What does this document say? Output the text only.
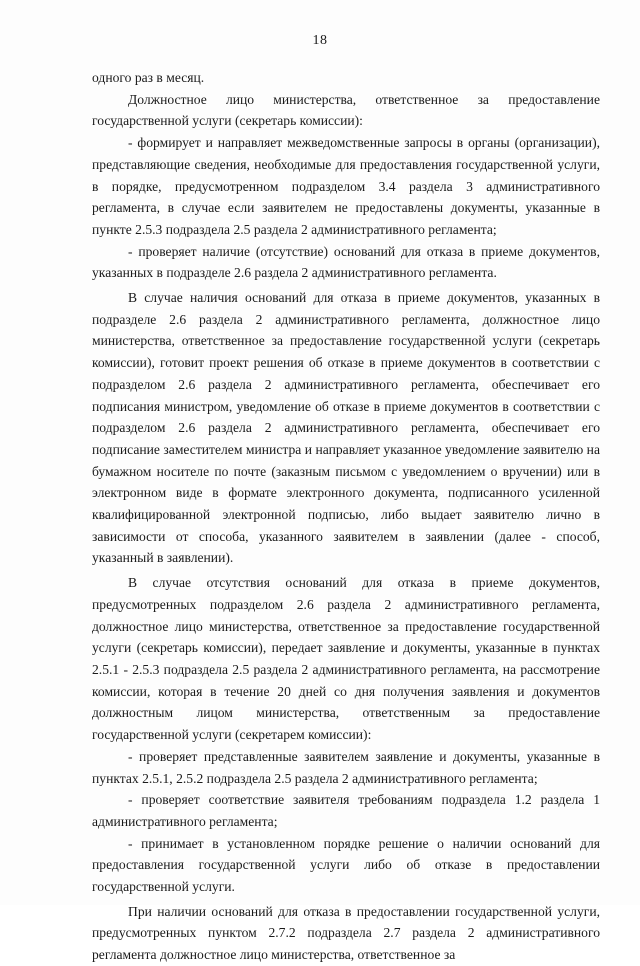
18

одного раз в месяц.

Должностное лицо министерства, ответственное за предоставление государственной услуги (секретарь комиссии):

- формирует и направляет межведомственные запросы в органы (организации), представляющие сведения, необходимые для предоставления государственной услуги, в порядке, предусмотренном подразделом 3.4 раздела 3 административного регламента, в случае если заявителем не предоставлены документы, указанные в пункте 2.5.3 подраздела 2.5 раздела 2 административного регламента;

- проверяет наличие (отсутствие) оснований для отказа в приеме документов, указанных в подразделе 2.6 раздела 2 административного регламента.

В случае наличия оснований для отказа в приеме документов, указанных в подразделе 2.6 раздела 2 административного регламента, должностное лицо министерства, ответственное за предоставление государственной услуги (секретарь комиссии), готовит проект решения об отказе в приеме документов в соответствии с подразделом 2.6 раздела 2 административного регламента, обеспечивает его подписания министром, уведомление об отказе в приеме документов в соответствии с подразделом 2.6 раздела 2 административного регламента, обеспечивает его подписание заместителем министра и направляет указанное уведомление заявителю на бумажном носителе по почте (заказным письмом с уведомлением о вручении) или в электронном виде в формате электронного документа, подписанного усиленной квалифицированной электронной подписью, либо выдает заявителю лично в зависимости от способа, указанного заявителем в заявлении (далее - способ, указанный в заявлении).

В случае отсутствия оснований для отказа в приеме документов, предусмотренных подразделом 2.6 раздела 2 административного регламента, должностное лицо министерства, ответственное за предоставление государственной услуги (секретарь комиссии), передает заявление и документы, указанные в пунктах 2.5.1 - 2.5.3 подраздела 2.5 раздела 2 административного регламента, на рассмотрение комиссии, которая в течение 20 дней со дня получения заявления и документов должностным лицом министерства, ответственным за предоставление государственной услуги (секретарем комиссии):

- проверяет представленные заявителем заявление и документы, указанные в пунктах 2.5.1, 2.5.2 подраздела 2.5 раздела 2 административного регламента;

- проверяет соответствие заявителя требованиям подраздела 1.2 раздела 1 административного регламента;

- принимает в установленном порядке решение о наличии оснований для предоставления государственной услуги либо об отказе в предоставлении государственной услуги.

При наличии оснований для отказа в предоставлении государственной услуги, предусмотренных пунктом 2.7.2 подраздела 2.7 раздела 2 административного регламента должностное лицо министерства, ответственное за
